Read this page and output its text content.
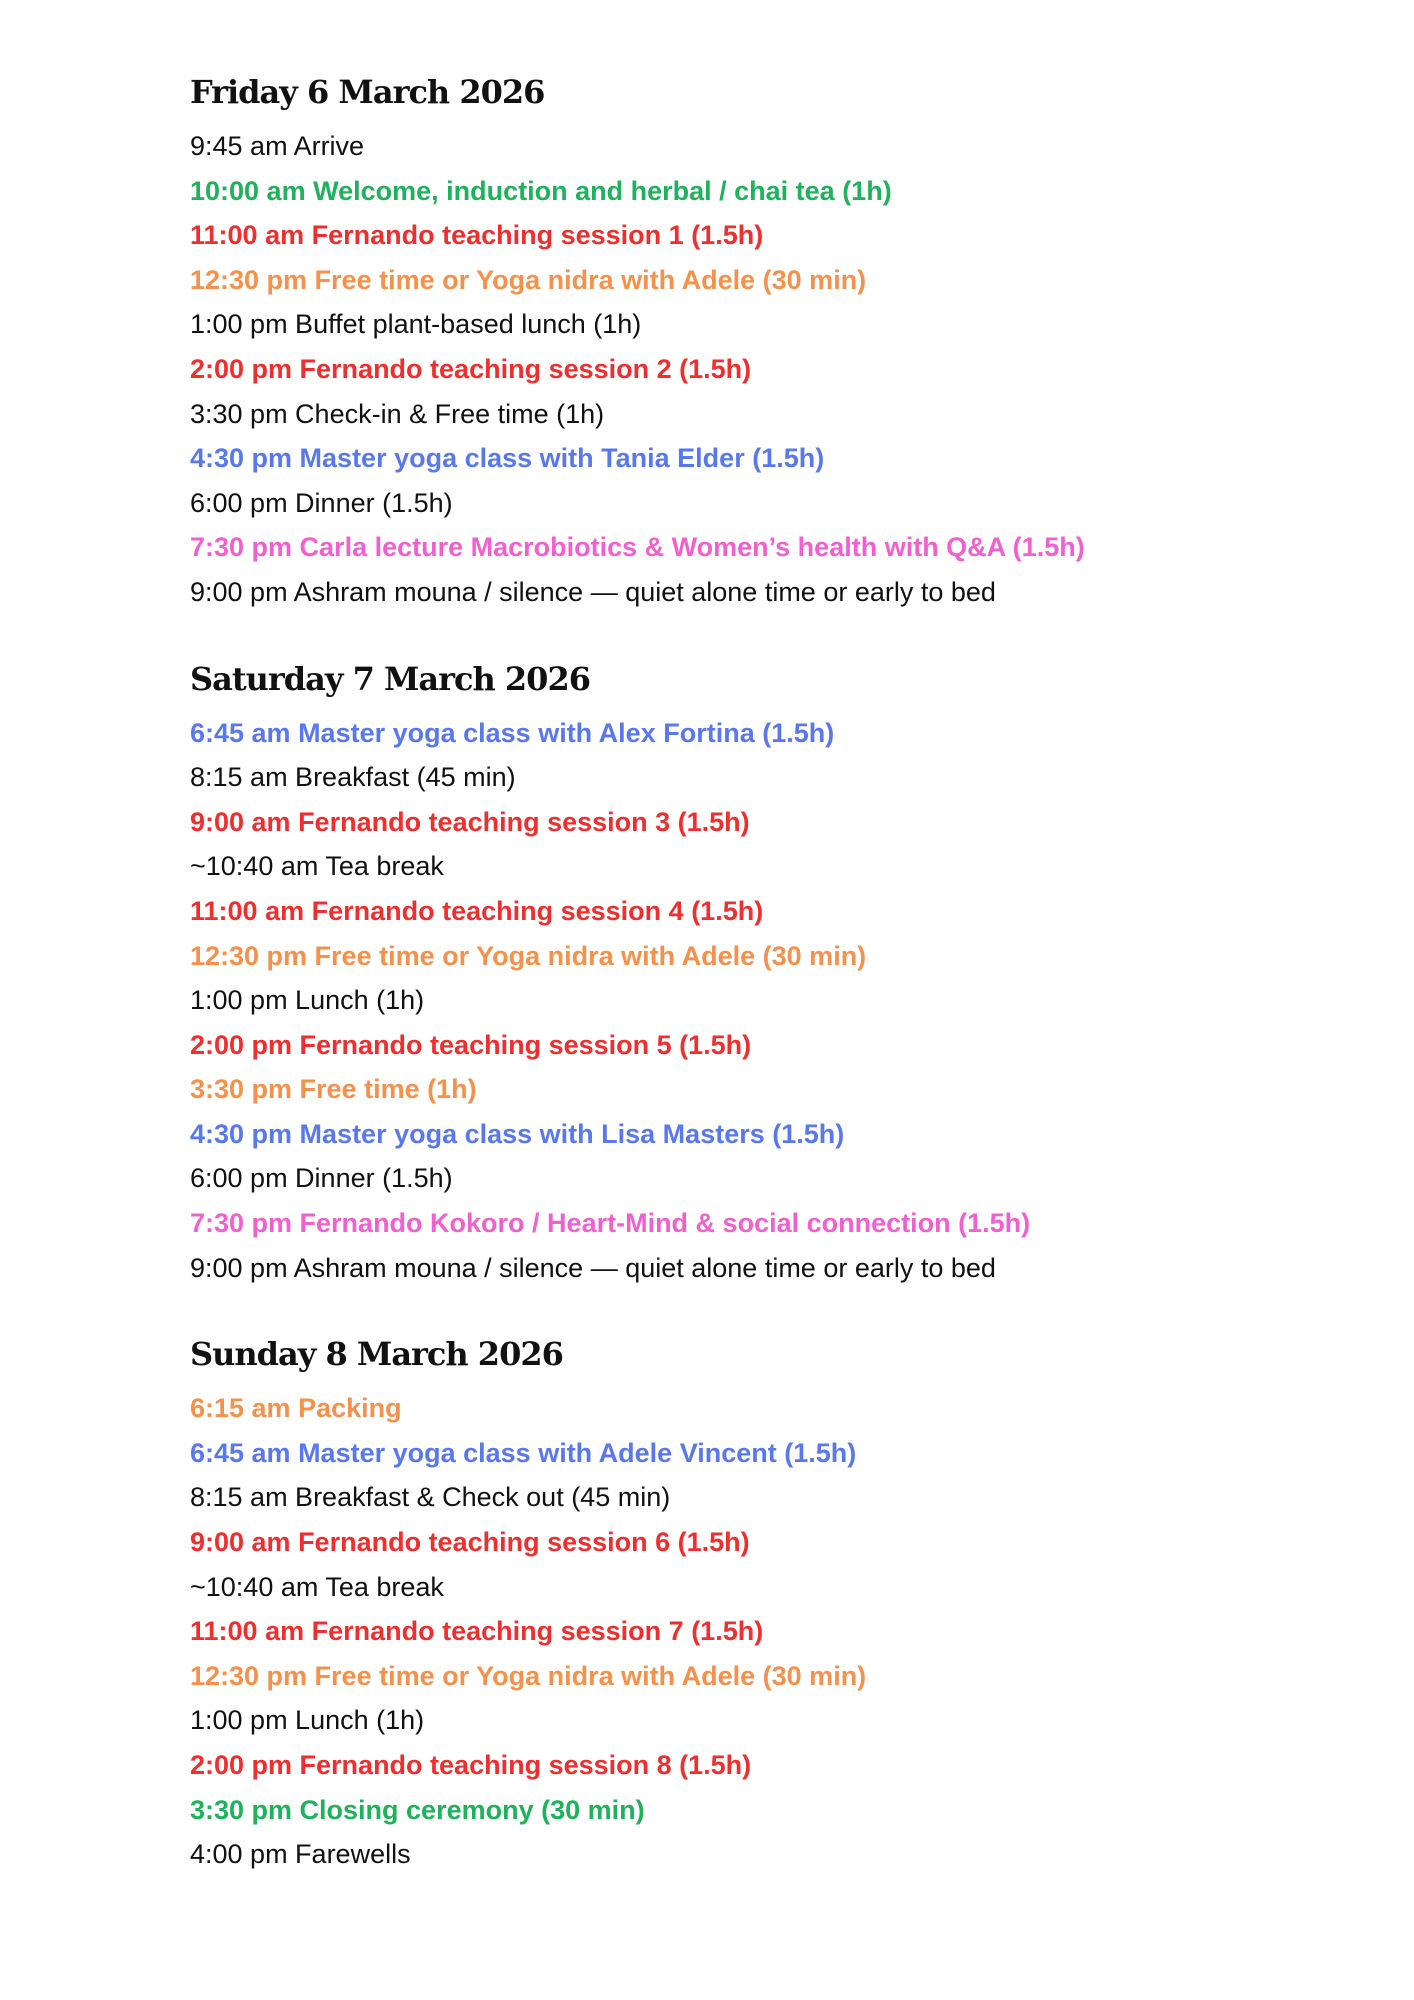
Friday 6 March 2026
9:45 am Arrive
10:00 am Welcome, induction and herbal / chai tea (1h)
11:00 am Fernando teaching session 1 (1.5h)
12:30 pm Free time or Yoga nidra with Adele (30 min)
1:00 pm Buffet plant-based lunch (1h)
2:00 pm Fernando teaching session 2 (1.5h)
3:30 pm Check-in & Free time (1h)
4:30 pm Master yoga class with Tania Elder (1.5h)
6:00 pm Dinner (1.5h)
7:30 pm Carla lecture Macrobiotics & Women’s health with Q&A (1.5h)
9:00 pm Ashram mouna / silence — quiet alone time or early to bed
Saturday 7 March 2026
6:45 am Master yoga class with Alex Fortina (1.5h)
8:15 am Breakfast (45 min)
9:00 am Fernando teaching session 3 (1.5h)
~10:40 am Tea break
11:00 am Fernando teaching session 4 (1.5h)
12:30 pm Free time or Yoga nidra with Adele (30 min)
1:00 pm Lunch (1h)
2:00 pm Fernando teaching session 5 (1.5h)
3:30 pm Free time (1h)
4:30 pm Master yoga class with Lisa Masters (1.5h)
6:00 pm Dinner (1.5h)
7:30 pm Fernando Kokoro / Heart-Mind & social connection (1.5h)
9:00 pm Ashram mouna / silence — quiet alone time or early to bed
Sunday 8 March 2026
6:15 am Packing
6:45 am Master yoga class with Adele Vincent (1.5h)
8:15 am Breakfast & Check out (45 min)
9:00 am Fernando teaching session 6 (1.5h)
~10:40 am Tea break
11:00 am Fernando teaching session 7 (1.5h)
12:30 pm Free time or Yoga nidra with Adele (30 min)
1:00 pm Lunch (1h)
2:00 pm Fernando teaching session 8 (1.5h)
3:30 pm Closing ceremony (30 min)
4:00 pm Farewells
